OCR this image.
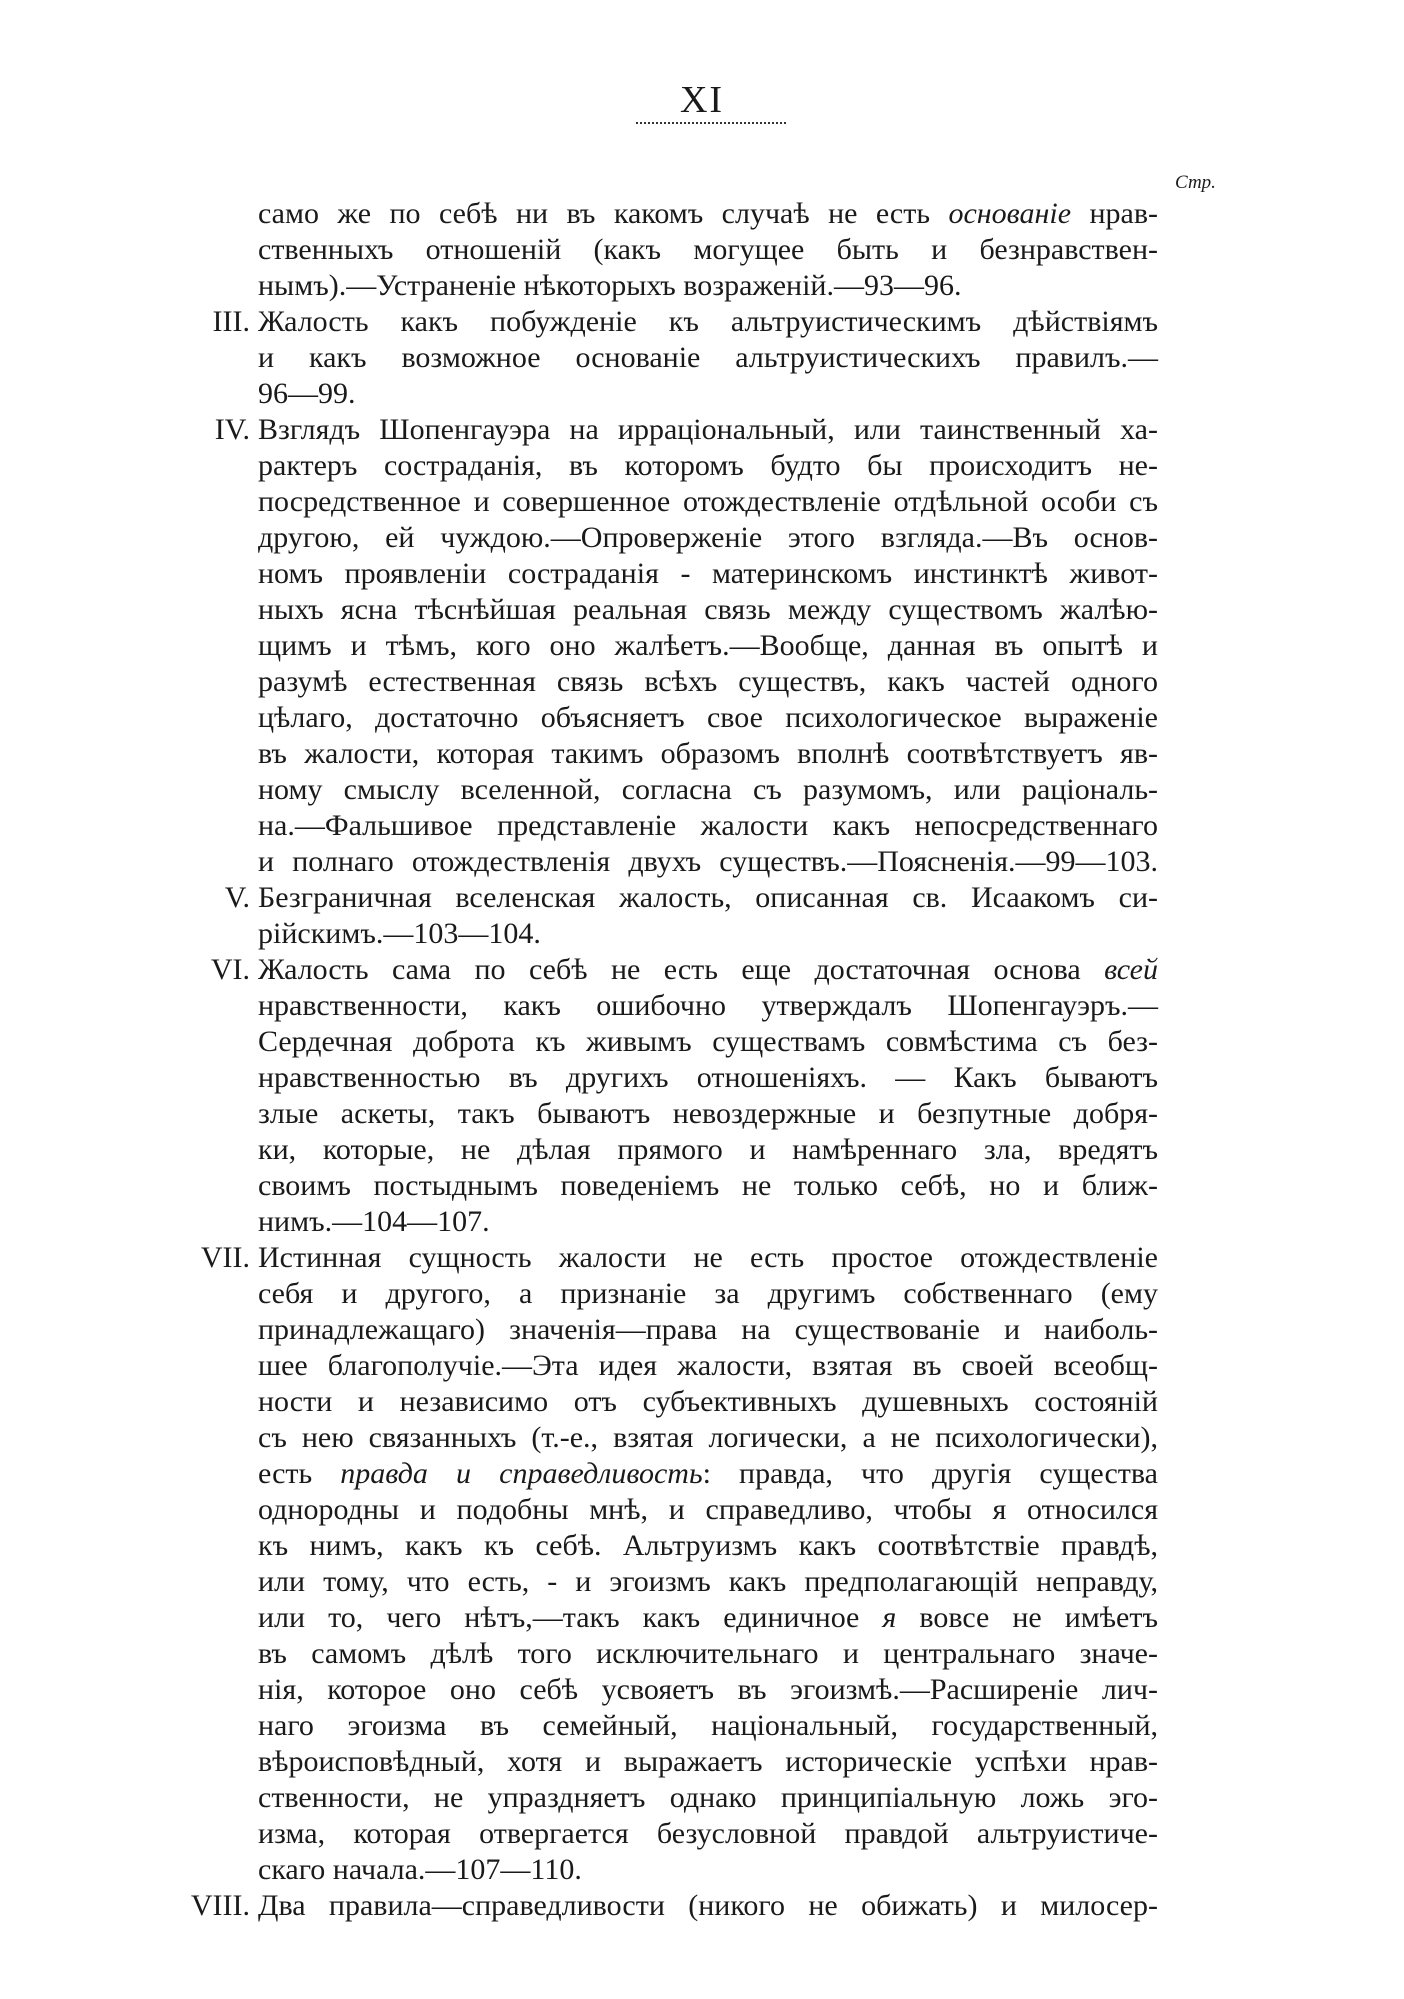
XI
Стр.
само же по себѣ ни въ какомъ случаѣ не есть основаніе нрав-
ственныхъ отношеній (какъ могущее быть и безнравствен-
нымъ).—Устраненіе нѣкоторыхъ возраженій.—93—96.
III. Жалость какъ побужденіе къ альтруистическимъ дѣйствіямъ
и какъ возможное основаніе альтруистическихъ правилъ.—
96—99.
IV. Взглядъ Шопенгауэра на ирраціональный, или таинственный ха-
рактеръ состраданія, въ которомъ будто бы происходитъ не-
посредственное и совершенное отождествленіе отдѣльной особи съ
другою, ей чуждою.—Опроверженіе этого взгляда.—Въ основ-
номъ проявленіи состраданія - материнскомъ инстинктѣ живот-
ныхъ ясна тѣснѣйшая реальная связь между существомъ жалѣю-
щимъ и тѣмъ, кого оно жалѣетъ.—Вообще, данная въ опытѣ и
разумѣ естественная связь всѣхъ существъ, какъ частей одного
цѣлаго, достаточно объясняетъ свое психологическое выраженіе
въ жалости, которая такимъ образомъ вполнѣ соотвѣтствуетъ яв-
ному смыслу вселенной, согласна съ разумомъ, или раціональ-
на.—Фальшивое представленіе жалости какъ непосредственнаго
и полнаго отождествленія двухъ существъ.—Поясненія.—99—103.
V. Безграничная вселенская жалость, описанная св. Исаакомъ си-
рійскимъ.—103—104.
VI. Жалость сама по себѣ не есть еще достаточная основа всей
нравственности, какъ ошибочно утверждалъ Шопенгауэръ.—
Сердечная доброта къ живымъ существамъ совмѣстима съ без-
нравственностью въ другихъ отношеніяхъ. — Какъ бываютъ
злые аскеты, такъ бываютъ невоздержные и безпутные добря-
ки, которые, не дѣлая прямого и намѣреннаго зла, вредятъ
своимъ постыднымъ поведеніемъ не только себѣ, но и ближ-
нимъ.—104—107.
VII. Истинная сущность жалости не есть простое отождествленіе
себя и другого, а признаніе за другимъ собственнаго (ему
принадлежащаго) значенія—права на существованіе и наиболь-
шее благополучіе.—Эта идея жалости, взятая въ своей всеобщ-
ности и независимо отъ субъективныхъ душевныхъ состояній
съ нею связанныхъ (т.-е., взятая логически, а не психологически),
есть правда и справедливость: правда, что другія существа
однородны и подобны мнѣ, и справедливо, чтобы я относился
къ нимъ, какъ къ себѣ. Альтруизмъ какъ соотвѣтствіе правдѣ,
или тому, что есть, - и эгоизмъ какъ предполагающій неправду,
или то, чего нѣтъ,—такъ какъ единичное я вовсе не имѣетъ
въ самомъ дѣлѣ того исключительнаго и центральнаго значе-
нія, которое оно себѣ усвояетъ въ эгоизмѣ.—Расширеніе лич-
наго эгоизма въ семейный, національный, государственный,
вѣроисповѣдный, хотя и выражаетъ историческіе успѣхи нрав-
ственности, не упраздняетъ однако принципіальную ложь эго-
изма, которая отвергается безусловной правдой альтруистиче-
скаго начала.—107—110.
VIII. Два правила—справедливости (никого не обижать) и милосер-
